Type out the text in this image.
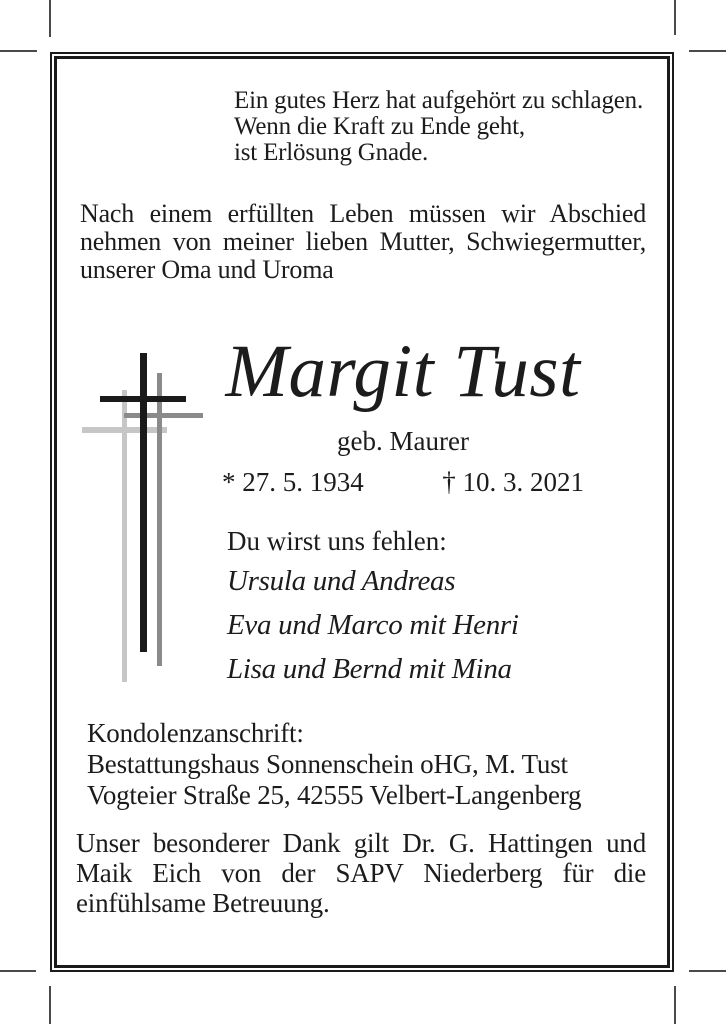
Ein gutes Herz hat aufgehört zu schlagen.
Wenn die Kraft zu Ende geht,
ist Erlösung Gnade.
Nach einem erfüllten Leben müssen wir Abschied
nehmen von meiner lieben Mutter, Schwiegermutter,
unserer Oma und Uroma
Margit Tust
geb. Maurer
* 27. 5. 1934	† 10. 3. 2021
Du wirst uns fehlen:
Ursula und Andreas
Eva und Marco mit Henri
Lisa und Bernd mit Mina
Kondolenzanschrift:
Bestattungshaus Sonnenschein oHG, M. Tust
Vogteier Straße 25, 42555 Velbert-Langenberg
Unser besonderer Dank gilt Dr. G. Hattingen und
Maik Eich von der SAPV Niederberg für die
einfühlsame Betreuung.
